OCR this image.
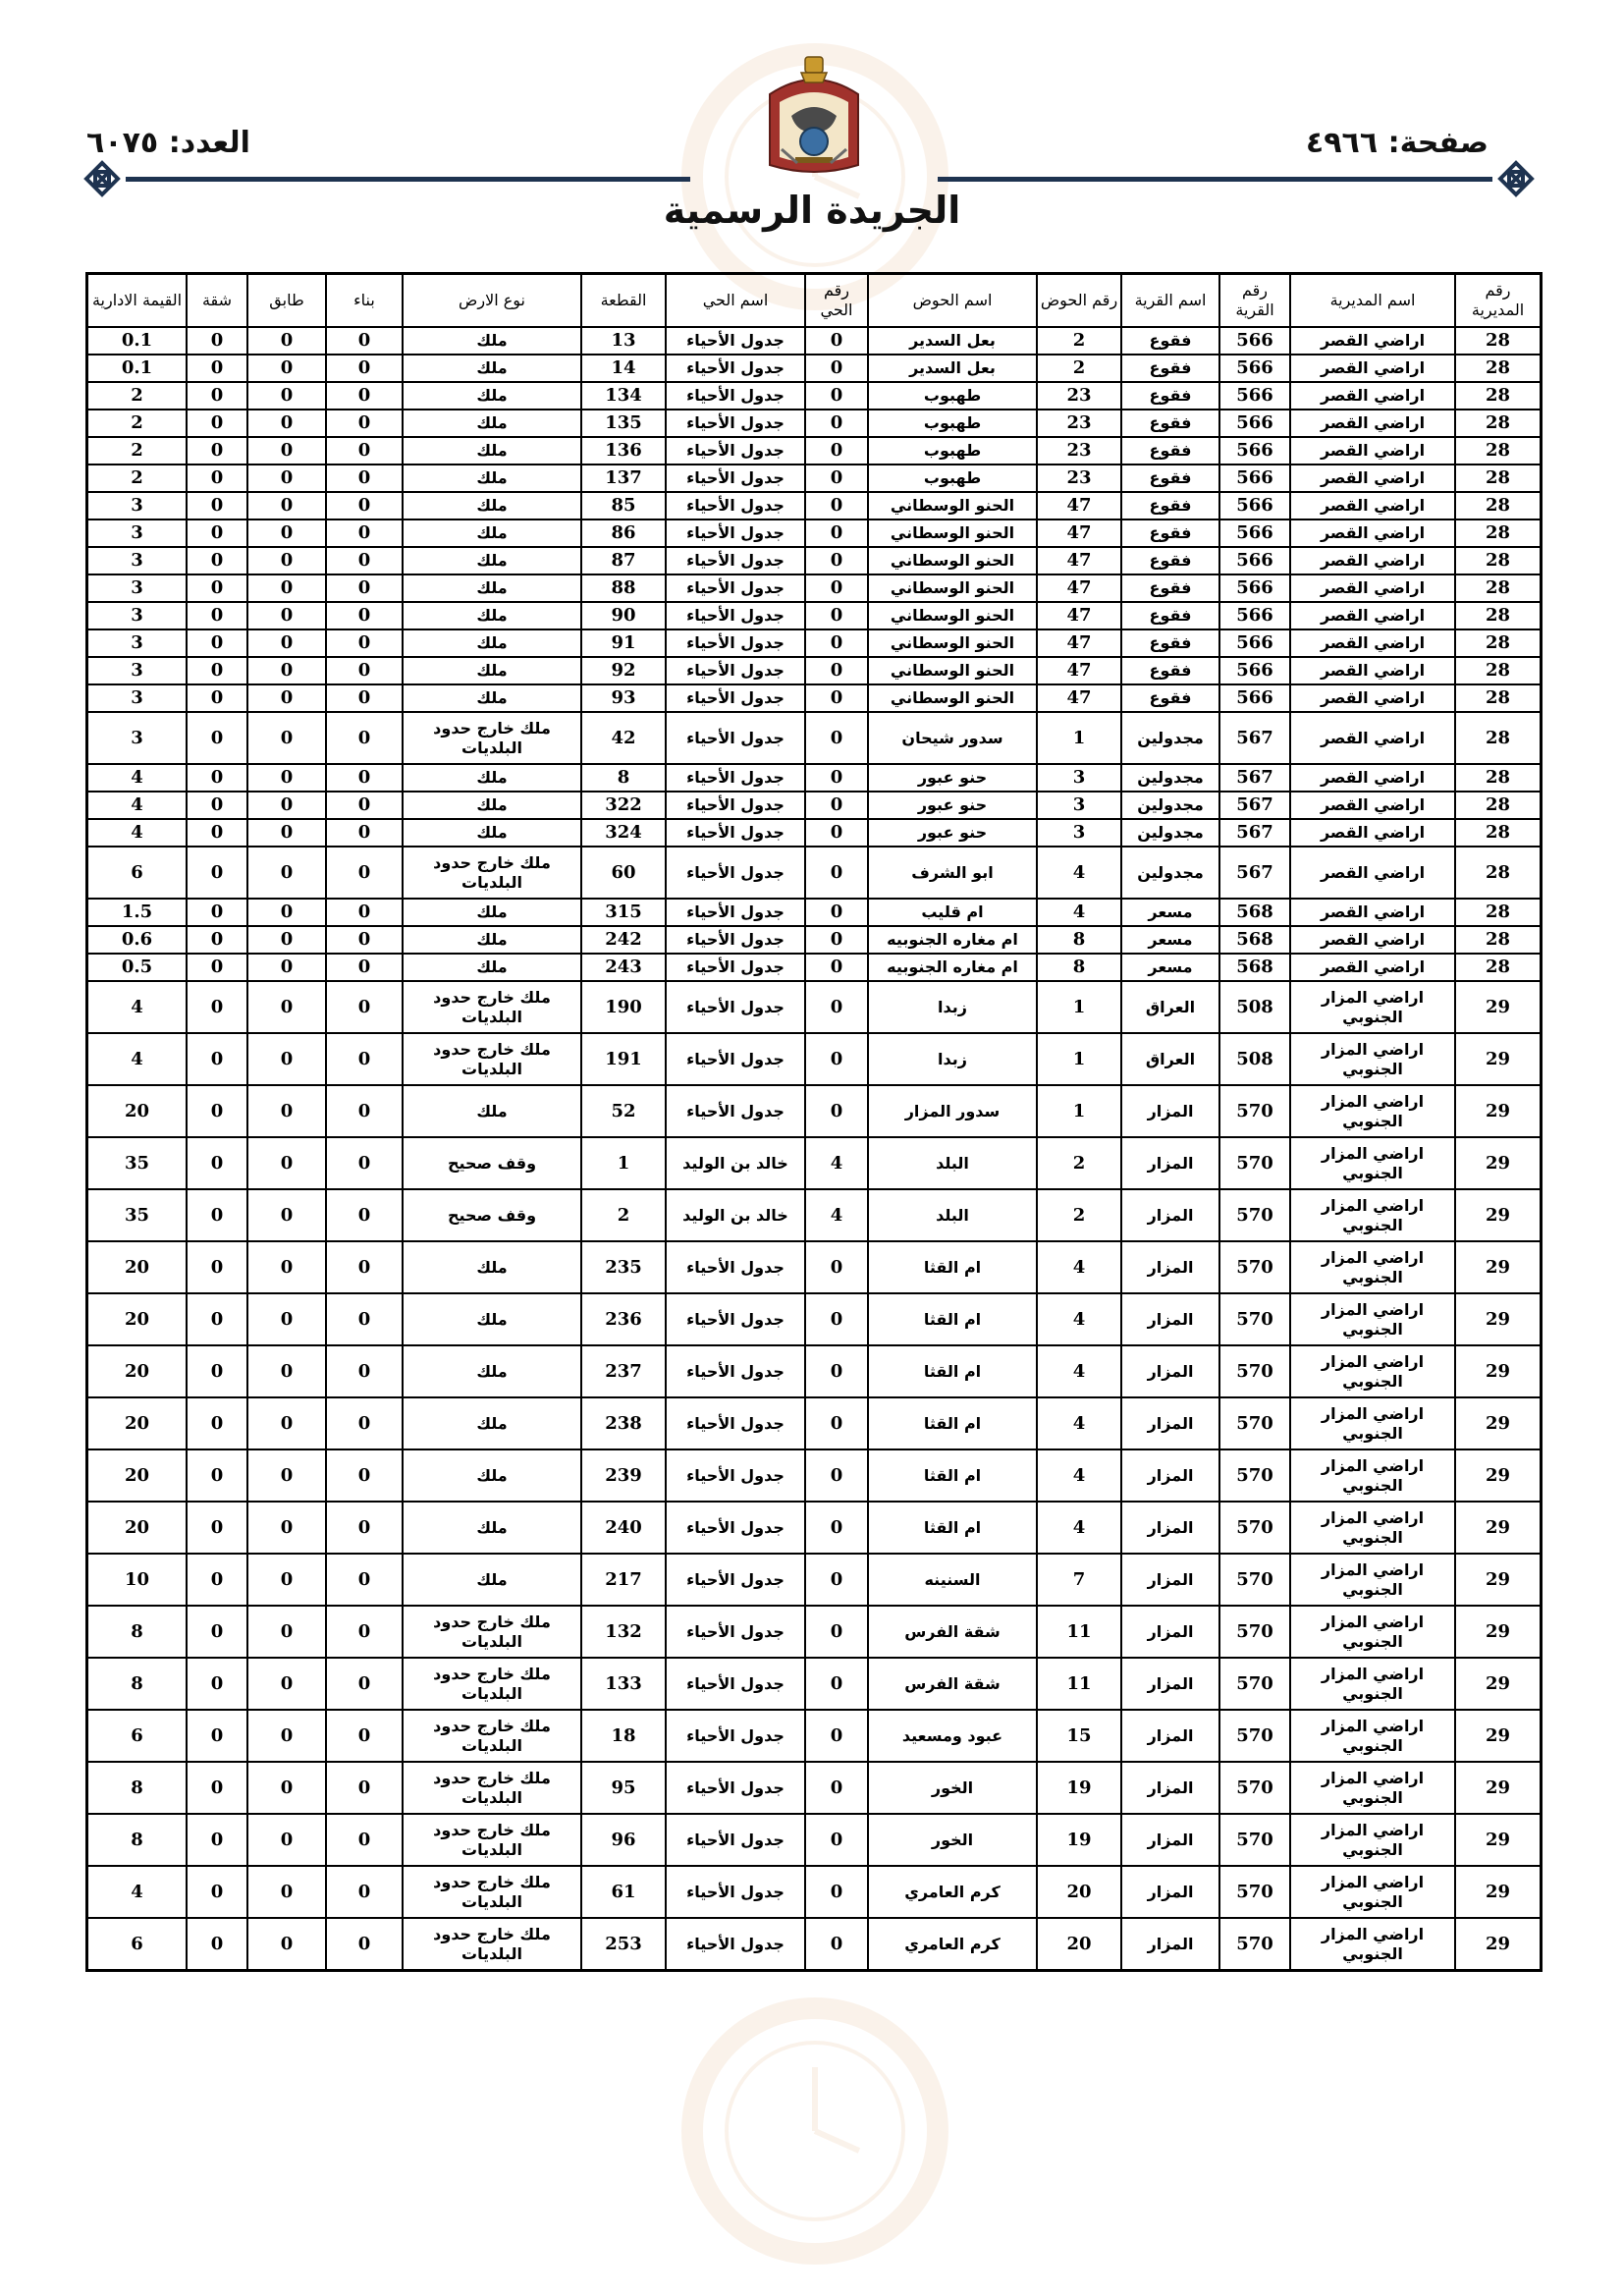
صفحة: ٤٩٦٦
العدد: ٦٠٧٥
الجريدة الرسمية
رقم المديرية	اسم المديرية	رقم القرية	اسم القرية	رقم الحوض	اسم الحوض	رقم الحي	اسم الحي	القطعة	نوع الارض	بناء	طابق	شقة	القيمة الادارية
28	اراضي القصر	566	فقوع	2	بعل السدير	0	جدول الأحياء	13	ملك	0	0	0	0.1
28	اراضي القصر	566	فقوع	2	بعل السدير	0	جدول الأحياء	14	ملك	0	0	0	0.1
28	اراضي القصر	566	فقوع	23	طهبوب	0	جدول الأحياء	134	ملك	0	0	0	2
28	اراضي القصر	566	فقوع	23	طهبوب	0	جدول الأحياء	135	ملك	0	0	0	2
28	اراضي القصر	566	فقوع	23	طهبوب	0	جدول الأحياء	136	ملك	0	0	0	2
28	اراضي القصر	566	فقوع	23	طهبوب	0	جدول الأحياء	137	ملك	0	0	0	2
28	اراضي القصر	566	فقوع	47	الحنو الوسطاني	0	جدول الأحياء	85	ملك	0	0	0	3
28	اراضي القصر	566	فقوع	47	الحنو الوسطاني	0	جدول الأحياء	86	ملك	0	0	0	3
28	اراضي القصر	566	فقوع	47	الحنو الوسطاني	0	جدول الأحياء	87	ملك	0	0	0	3
28	اراضي القصر	566	فقوع	47	الحنو الوسطاني	0	جدول الأحياء	88	ملك	0	0	0	3
28	اراضي القصر	566	فقوع	47	الحنو الوسطاني	0	جدول الأحياء	90	ملك	0	0	0	3
28	اراضي القصر	566	فقوع	47	الحنو الوسطاني	0	جدول الأحياء	91	ملك	0	0	0	3
28	اراضي القصر	566	فقوع	47	الحنو الوسطاني	0	جدول الأحياء	92	ملك	0	0	0	3
28	اراضي القصر	566	فقوع	47	الحنو الوسطاني	0	جدول الأحياء	93	ملك	0	0	0	3
28	اراضي القصر	567	مجدولين	1	سدور شيحان	0	جدول الأحياء	42	ملك خارج حدود البلديات	0	0	0	3
28	اراضي القصر	567	مجدولين	3	حنو عبور	0	جدول الأحياء	8	ملك	0	0	0	4
28	اراضي القصر	567	مجدولين	3	حنو عبور	0	جدول الأحياء	322	ملك	0	0	0	4
28	اراضي القصر	567	مجدولين	3	حنو عبور	0	جدول الأحياء	324	ملك	0	0	0	4
28	اراضي القصر	567	مجدولين	4	ابو الشرف	0	جدول الأحياء	60	ملك خارج حدود البلديات	0	0	0	6
28	اراضي القصر	568	مسعر	4	ام قليب	0	جدول الأحياء	315	ملك	0	0	0	1.5
28	اراضي القصر	568	مسعر	8	ام مغاره الجنوبيه	0	جدول الأحياء	242	ملك	0	0	0	0.6
28	اراضي القصر	568	مسعر	8	ام مغاره الجنوبيه	0	جدول الأحياء	243	ملك	0	0	0	0.5
29	اراضي المزار الجنوبي	508	العراق	1	زبدا	0	جدول الأحياء	190	ملك خارج حدود البلديات	0	0	0	4
29	اراضي المزار الجنوبي	508	العراق	1	زبدا	0	جدول الأحياء	191	ملك خارج حدود البلديات	0	0	0	4
29	اراضي المزار الجنوبي	570	المزار	1	سدور المزار	0	جدول الأحياء	52	ملك	0	0	0	20
29	اراضي المزار الجنوبي	570	المزار	2	البلد	4	خالد بن الوليد	1	وقف صحيح	0	0	0	35
29	اراضي المزار الجنوبي	570	المزار	2	البلد	4	خالد بن الوليد	2	وقف صحيح	0	0	0	35
29	اراضي المزار الجنوبي	570	المزار	4	ام القثا	0	جدول الأحياء	235	ملك	0	0	0	20
29	اراضي المزار الجنوبي	570	المزار	4	ام القثا	0	جدول الأحياء	236	ملك	0	0	0	20
29	اراضي المزار الجنوبي	570	المزار	4	ام القثا	0	جدول الأحياء	237	ملك	0	0	0	20
29	اراضي المزار الجنوبي	570	المزار	4	ام القثا	0	جدول الأحياء	238	ملك	0	0	0	20
29	اراضي المزار الجنوبي	570	المزار	4	ام القثا	0	جدول الأحياء	239	ملك	0	0	0	20
29	اراضي المزار الجنوبي	570	المزار	4	ام القثا	0	جدول الأحياء	240	ملك	0	0	0	20
29	اراضي المزار الجنوبي	570	المزار	7	السنينه	0	جدول الأحياء	217	ملك	0	0	0	10
29	اراضي المزار الجنوبي	570	المزار	11	شقة الفرس	0	جدول الأحياء	132	ملك خارج حدود البلديات	0	0	0	8
29	اراضي المزار الجنوبي	570	المزار	11	شقة الفرس	0	جدول الأحياء	133	ملك خارج حدود البلديات	0	0	0	8
29	اراضي المزار الجنوبي	570	المزار	15	عبود ومسعيد	0	جدول الأحياء	18	ملك خارج حدود البلديات	0	0	0	6
29	اراضي المزار الجنوبي	570	المزار	19	الخور	0	جدول الأحياء	95	ملك خارج حدود البلديات	0	0	0	8
29	اراضي المزار الجنوبي	570	المزار	19	الخور	0	جدول الأحياء	96	ملك خارج حدود البلديات	0	0	0	8
29	اراضي المزار الجنوبي	570	المزار	20	كرم العامري	0	جدول الأحياء	61	ملك خارج حدود البلديات	0	0	0	4
29	اراضي المزار الجنوبي	570	المزار	20	كرم العامري	0	جدول الأحياء	253	ملك خارج حدود البلديات	0	0	0	6
